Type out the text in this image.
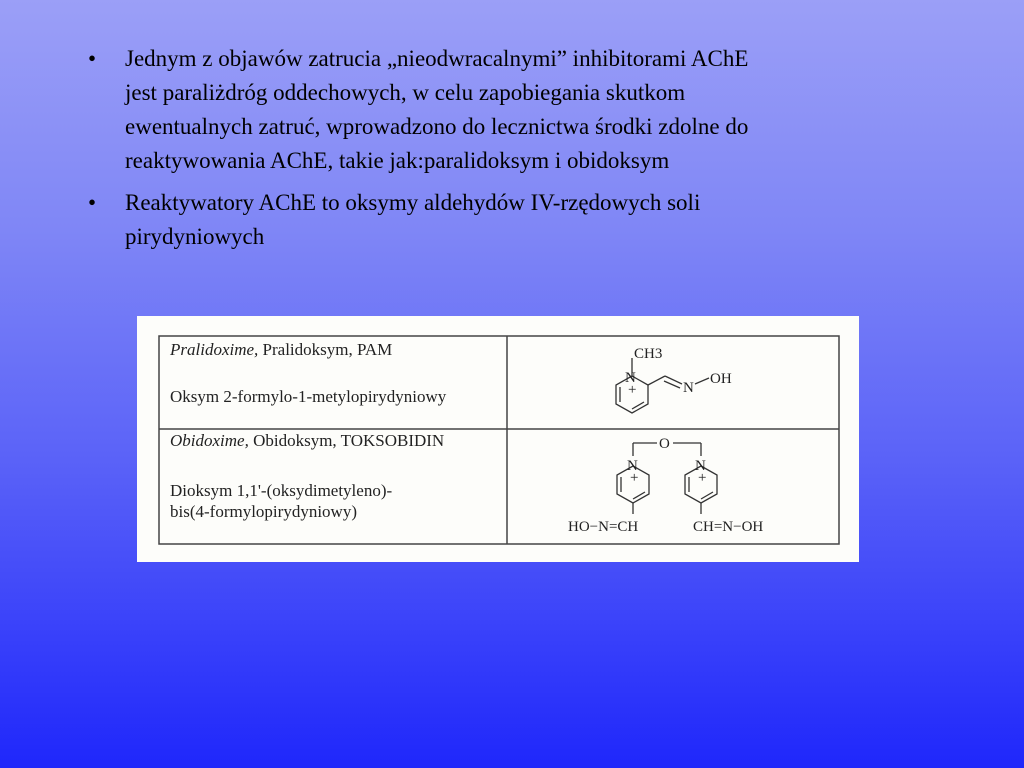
• Jednym z objawów zatrucia „nieodwracalnymi” inhibitorami AChE
jest paraliżdróg oddechowych, w celu zapobiegania skutkom
ewentualnych zatruć, wprowadzono do lecznictwa środki zdolne do
reaktywowania AChE, takie jak:paralidoksym i obidoksym
• Reaktywatory AChE to oksymy aldehydów IV-rzędowych soli
pirydyniowych
CH3
N
+	N
OH
O
N
+
N
+
HO−N=CH	CH=N−OH
Pralidoxime, Pralidoksym, PAM
Oksym 2-formylo-1-metylopirydyniowy
Obidoxime, Obidoksym, TOKSOBIDIN
Dioksym 1,1'-(oksydimetyleno)-
bis(4-formylopirydyniowy)
